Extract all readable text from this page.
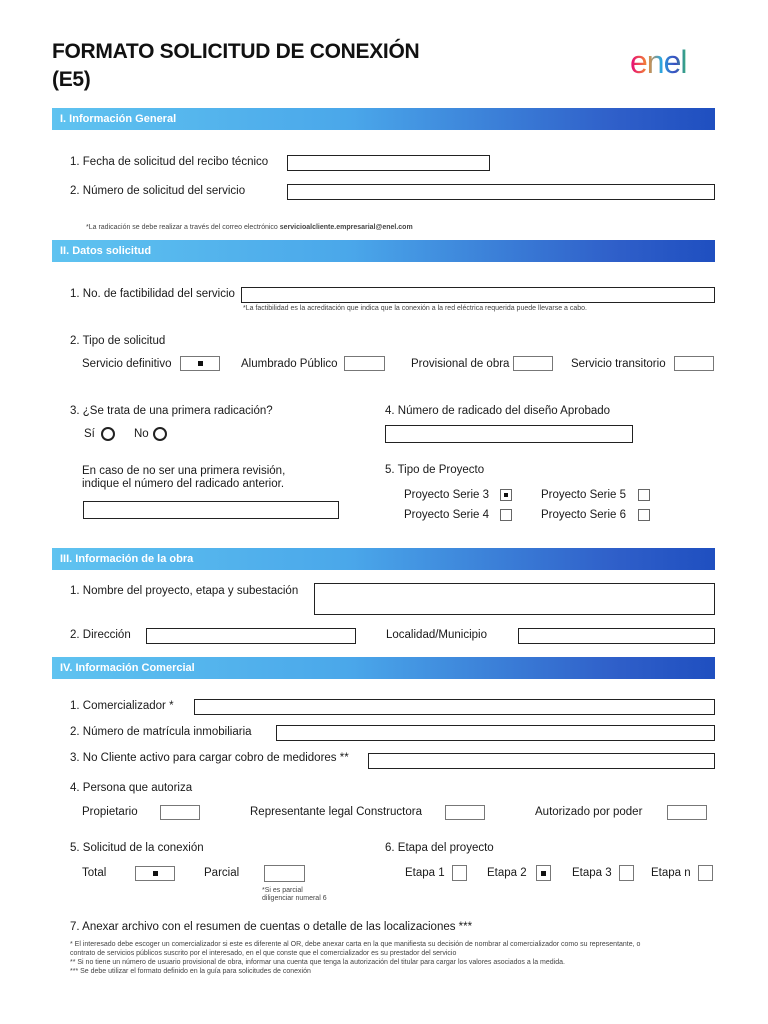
FORMATO SOLICITUD DE CONEXIÓN
(E5)	enel
I. Información General
1. Fecha de solicitud del recibo técnico
2. Número de solicitud del servicio
*La radicación se debe realizar a través del correo electrónico servicioalcliente.empresarial@enel.com
II. Datos solicitud
1. No. de factibilidad del servicio
*La factibilidad es la acreditación que indica que la conexión a la red eléctrica requerida puede llevarse a cabo.
2. Tipo de solicitud
Servicio definitivo	Alumbrado Público	Provisional de obra	Servicio transitorio
3. ¿Se trata de una primera radicación?
Sí	No
4. Número de radicado del diseño Aprobado
En caso de no ser una primera revisión,
indique el número del radicado anterior.
5. Tipo de Proyecto
Proyecto Serie 3	Proyecto Serie 5
Proyecto Serie 4	Proyecto Serie 6
III. Información de la obra
1. Nombre del proyecto, etapa y subestación
2. Dirección	Localidad/Municipio
IV. Información Comercial
1. Comercializador *
2. Número de matrícula inmobiliaria
3. No Cliente activo para cargar cobro de medidores **
4. Persona que autoriza
Propietario	Representante legal Constructora	Autorizado por poder
5. Solicitud de la conexión
Total	Parcial
*Si es parcial
diligenciar numeral 6
6. Etapa del proyecto
Etapa 1	Etapa 2	Etapa 3	Etapa n
7. Anexar archivo con el resumen de cuentas o detalle de las localizaciones ***
* El interesado debe escoger un comercializador si este es diferente al OR, debe anexar carta en la que manifiesta su decisión de nombrar al comercializador como su representante, o
contrato de servicios públicos suscrito por el interesado, en el que conste que el comercializador es su prestador del servicio
** Si no tiene un número de usuario provisional de obra, informar una cuenta que tenga la autorización del titular para cargar los valores asociados a la medida.
*** Se debe utilizar el formato definido en la guía para solicitudes de conexión
